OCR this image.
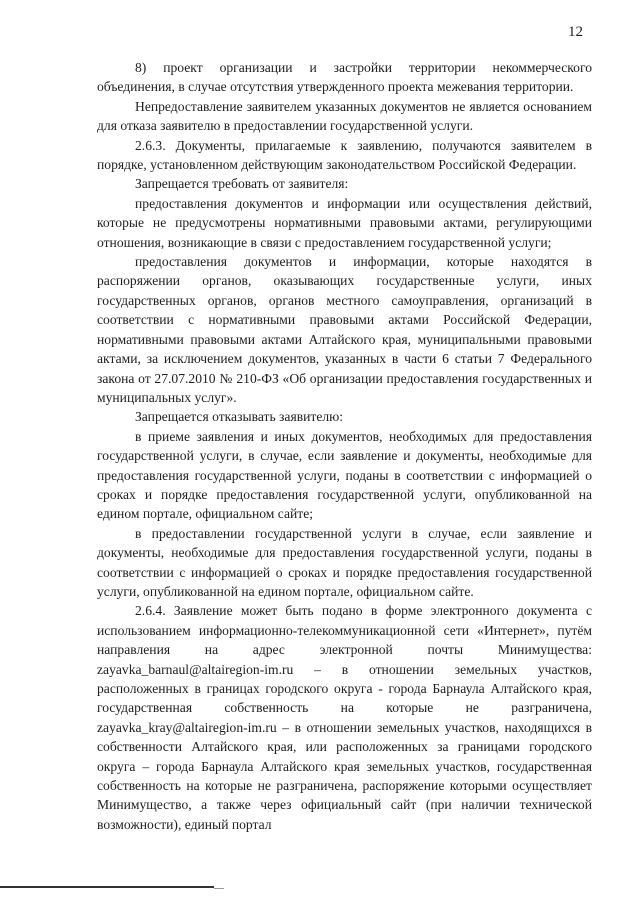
12

8) проект организации и застройки территории некоммерческого объединения, в случае отсутствия утвержденного проекта межевания территории.

Непредоставление заявителем указанных документов не является основанием для отказа заявителю в предоставлении государственной услуги.

2.6.3. Документы, прилагаемые к заявлению, получаются заявителем в порядке, установленном действующим законодательством Российской Федерации.

Запрещается требовать от заявителя:

предоставления документов и информации или осуществления действий, которые не предусмотрены нормативными правовыми актами, регулирующими отношения, возникающие в связи с предоставлением государственной услуги;

предоставления документов и информации, которые находятся в распоряжении органов, оказывающих государственные услуги, иных государственных органов, органов местного самоуправления, организаций в соответствии с нормативными правовыми актами Российской Федерации, нормативными правовыми актами Алтайского края, муниципальными правовыми актами, за исключением документов, указанных в части 6 статьи 7 Федерального закона от 27.07.2010 № 210-ФЗ «Об организации предоставления государственных и муниципальных услуг».

Запрещается отказывать заявителю:

в приеме заявления и иных документов, необходимых для предоставления государственной услуги, в случае, если заявление и документы, необходимые для предоставления государственной услуги, поданы в соответствии с информацией о сроках и порядке предоставления государственной услуги, опубликованной на едином портале, официальном сайте;

в предоставлении государственной услуги в случае, если заявление и документы, необходимые для предоставления государственной услуги, поданы в соответствии с информацией о сроках и порядке предоставления государственной услуги, опубликованной на едином портале, официальном сайте.

2.6.4. Заявление может быть подано в форме электронного документа с использованием информационно-телекоммуникационной сети «Интернет», путём направления на адрес электронной почты Минимущества: zayavka_barnaul@altairegion-im.ru – в отношении земельных участков, расположенных в границах городского округа - города Барнаула Алтайского края, государственная собственность на которые не разграничена, zayavka_kray@altairegion-im.ru – в отношении земельных участков, находящихся в собственности Алтайского края, или расположенных за границами городского округа – города Барнаула Алтайского края земельных участков, государственная собственность на которые не разграничена, распоряжение которыми осуществляет Минимущество, а также через официальный сайт (при наличии технической возможности), единый портал
